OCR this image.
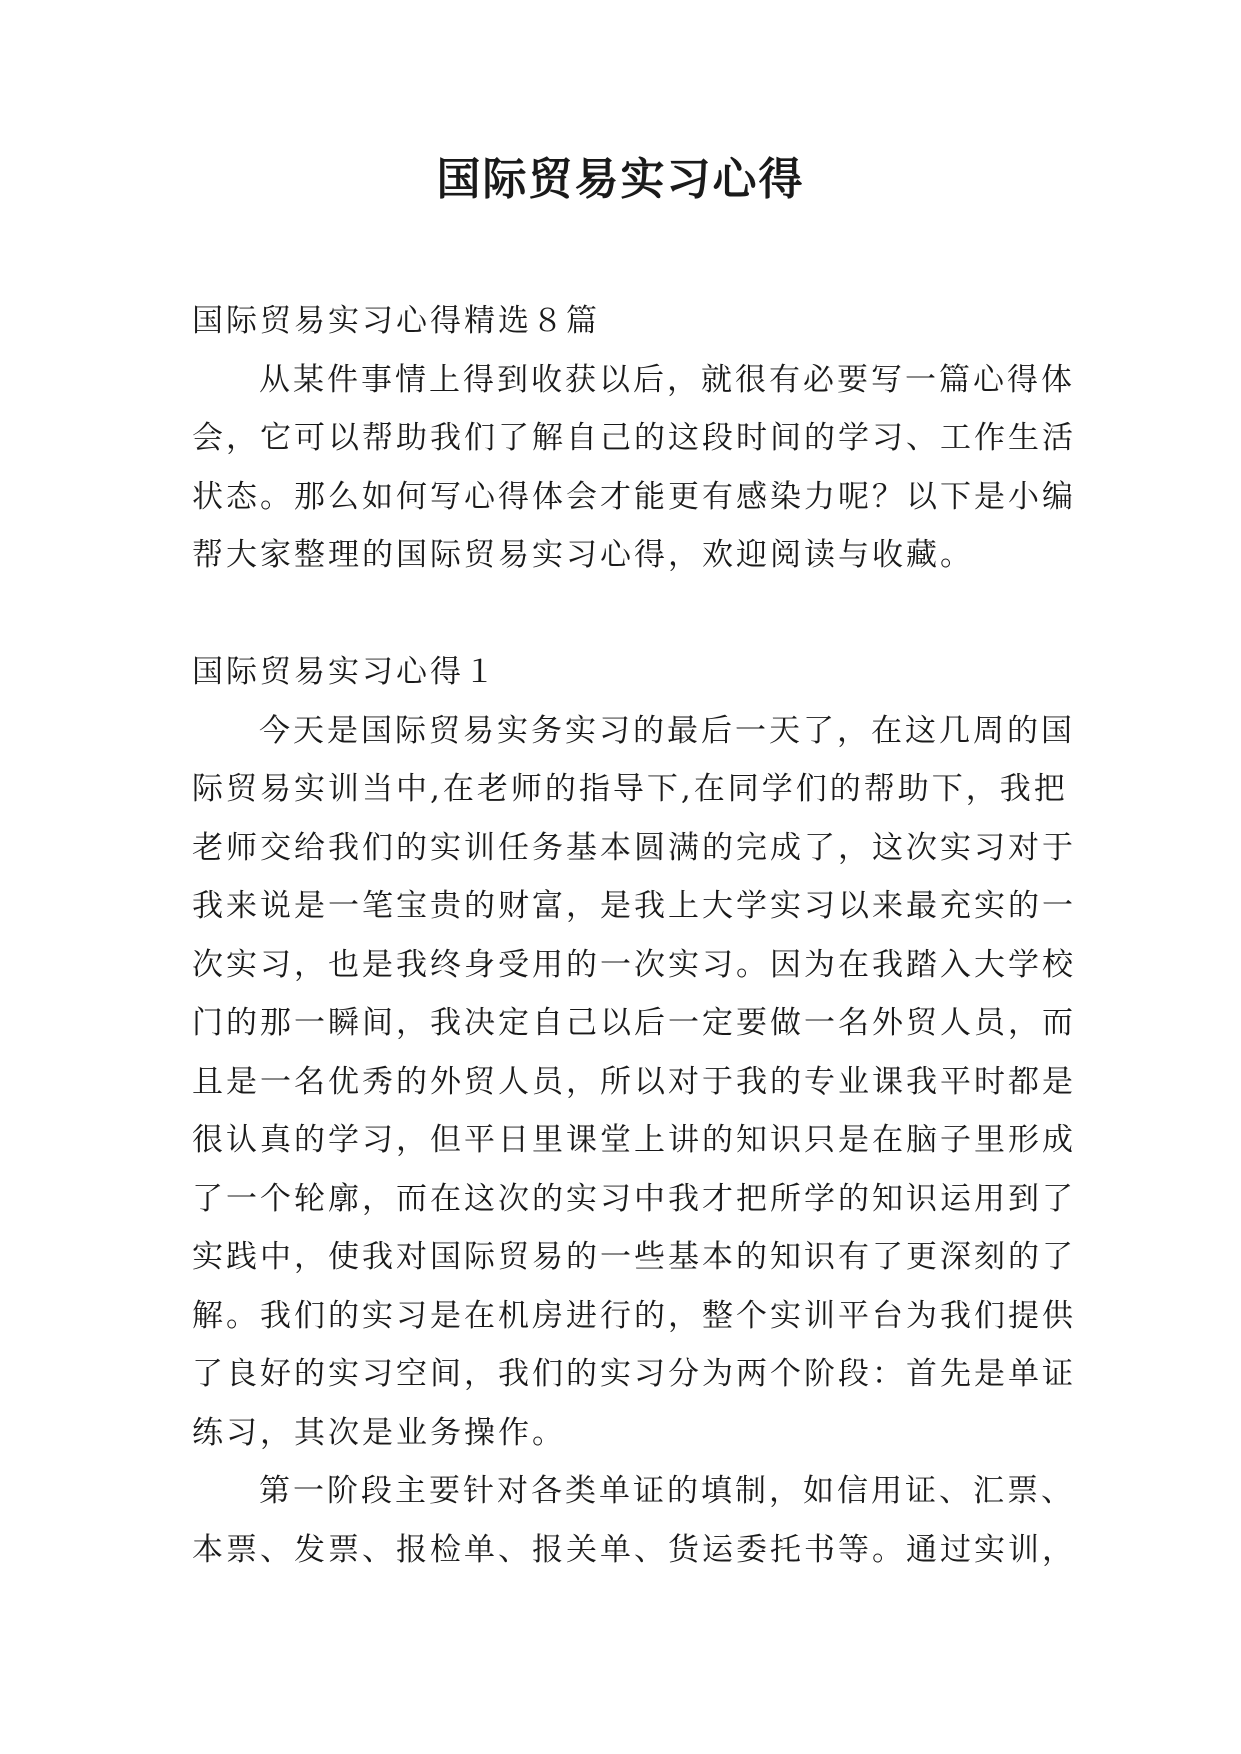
国际贸易实习心得
国际贸易实习心得精选８篇
从某件事情上得到收获以后，就很有必要写一篇心得体
会，它可以帮助我们了解自己的这段时间的学习、工作生活
状态。那么如何写心得体会才能更有感染力呢？以下是小编
帮大家整理的国际贸易实习心得，欢迎阅读与收藏。
国际贸易实习心得１
今天是国际贸易实务实习的最后一天了，在这几周的国
际贸易实训当中,在老师的指导下,在同学们的帮助下，我把
老师交给我们的实训任务基本圆满的完成了，这次实习对于
我来说是一笔宝贵的财富，是我上大学实习以来最充实的一
次实习，也是我终身受用的一次实习。因为在我踏入大学校
门的那一瞬间，我决定自己以后一定要做一名外贸人员，而
且是一名优秀的外贸人员，所以对于我的专业课我平时都是
很认真的学习，但平日里课堂上讲的知识只是在脑子里形成
了一个轮廓，而在这次的实习中我才把所学的知识运用到了
实践中，使我对国际贸易的一些基本的知识有了更深刻的了
解。我们的实习是在机房进行的，整个实训平台为我们提供
了良好的实习空间，我们的实习分为两个阶段：首先是单证
练习，其次是业务操作。
第一阶段主要针对各类单证的填制，如信用证、汇票、
本票、发票、报检单、报关单、货运委托书等。通过实训，
